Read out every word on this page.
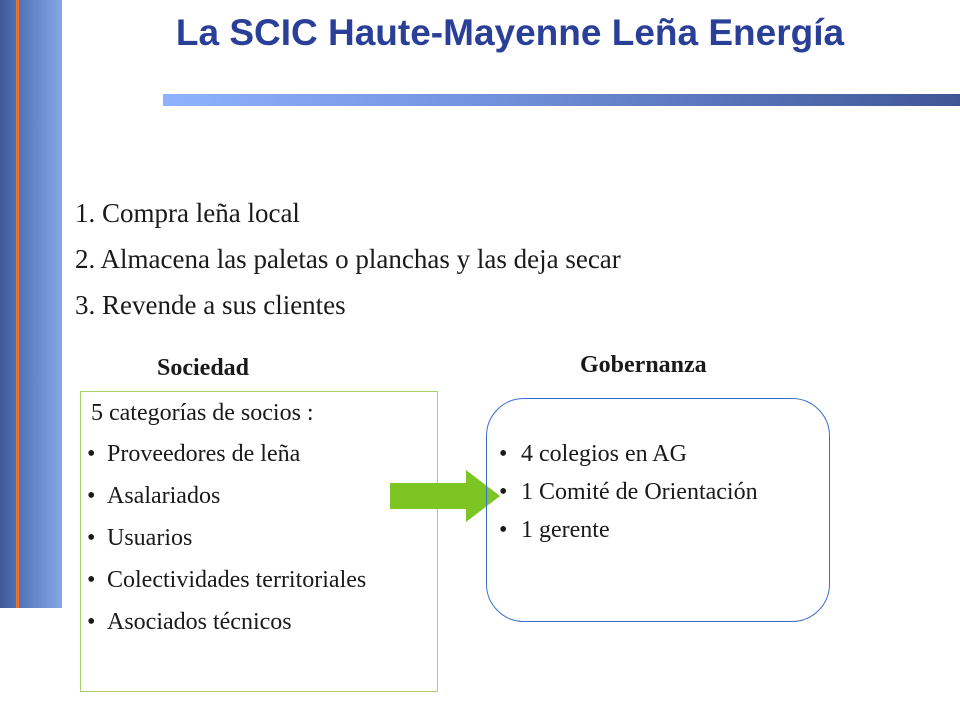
La SCIC Haute-Mayenne Leña Energía
1. Compra leña local
2. Almacena las paletas o planchas y las deja secar
3. Revende a sus clientes
Sociedad	Gobernanza
5 categorías de socios :
• Proveedores de leña
• Asalariados
• Usuarios
• Colectividades territoriales
• Asociados técnicos
• 4 colegios en AG
• 1 Comité de Orientación
• 1 gerente
